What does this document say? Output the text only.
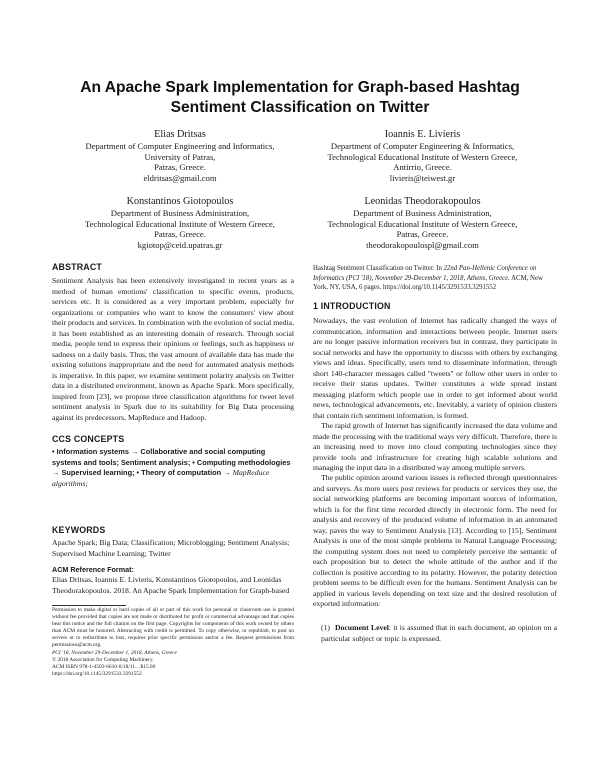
An Apache Spark Implementation for Graph-based Hashtag
Sentiment Classification on Twitter
Elias Dritsas
Department of Computer Engineering and Informatics,
University of Patras,
Patras, Greece.
eldritsas@gmail.com
Ioannis E. Livieris
Department of Computer Engineering & Informatics,
Technological Educational Institute of Western Greece,
Antirrio, Greece.
livieris@teiwest.gr
Konstantinos Giotopoulos
Department of Business Administration,
Technological Educational Institute of Western Greece,
Patras, Greece.
kgiotop@ceid.upatras.gr
Leonidas Theodorakopoulos
Department of Business Administration,
Technological Educational Institute of Western Greece,
Patras, Greece.
theodorakopoulospl@gmail.com
ABSTRACT

Sentiment Analysis has been extensively investigated in recent years as a method of human emotions' classification to specific events, products, services etc. It is considered as a very important problem, especially for organizations or companies who want to know the consumers' view about their products and services. In combination with the evolution of social media, it has been established as an interesting domain of research. Through social media, people tend to express their opinions or feelings, such as happiness or sadness on a daily basis. Thus, the vast amount of available data has made the existing solutions inappropriate and the need for automated analysis methods is imperative. In this paper, we examine sentiment polarity analysis on Twitter data in a distributed environment, known as Apache Spark. More specifically, inspired from [23], we propose three classification algorithms for tweet level sentiment analysis in Spark due to its suitability for Big Data processing against its predecessors, MapReduce and Hadoop.

CCS CONCEPTS

• Information systems → Collaborative and social computing systems and tools; Sentiment analysis; • Computing methodologies → Supervised learning; • Theory of computation → MapReduce algorithms;

KEYWORDS

Apache Spark; Big Data; Classification; Microblogging; Sentiment Analysis; Supervised Machine Learning; Twitter

ACM Reference Format:

Elias Dritsas, Ioannis E. Livieris, Konstantinos Giotopoulos, and Leonidas Theodorakopoulos. 2018. An Apache Spark Implementation for Graph-based

Permission to make digital or hard copies of all or part of this work for personal or classroom use is granted without fee provided that copies are not made or distributed for profit or commercial advantage and that copies bear this notice and the full citation on the first page. Copyrights for components of this work owned by others than ACM must be honored. Abstracting with credit is permitted. To copy otherwise, or republish, to post on servers or to redistribute to lists, requires prior specific permission and/or a fee. Request permissions from permissions@acm.org.
PCI '18, November 29-December 1, 2018, Athens, Greece
© 2018 Association for Computing Machinery.
ACM ISBN 978-1-4503-6610-6/18/11…$15.00
https://doi.org/10.1145/3291533.3291552

Hashtag Sentiment Classification on Twitter. In 22nd Pan-Hellenic Conference on Informatics (PCI '18), November 29-December 1, 2018, Athens, Greece. ACM, New York, NY, USA, 6 pages. https://doi.org/10.1145/3291533.3291552

1 INTRODUCTION

Nowadays, the vast evolution of Internet has radically changed the ways of communication, information and interactions between people. Internet users are no longer passive information receivers but in contrast, they participate in social networks and have the opportunity to discuss with others by exchanging views and ideas. Specifically, users tend to disseminate information, through short 140-character messages called "tweets" or follow other users in order to receive their status updates. Twitter constitutes a wide spread instant messaging platform which people use in order to get informed about world news, technological advancements, etc. Inevitably, a variety of opinion clusters that contain rich sentiment information, is formed.

The rapid growth of Internet has significantly increased the data volume and made the processing with the traditional ways very difficult. Therefore, there is an increasing need to move into cloud computing technologies since they provide tools and infrastructure for creating high scalable solutions and managing the input data in a distributed way among multiple servers.

The public opinion around various issues is reflected through questionnaires and surveys. As more users post reviews for products or services they use, the social networking platforms are becoming important sources of information, which is for the first time recorded directly in electronic form. The need for analysis and recovery of the produced volume of information in an automated way, paves the way to Sentiment Analysis [13]. According to [15], Sentiment Analysis is one of the most simple problems in Natural Language Processing; the computing system does not need to completely perceive the semantic of each proposition but to detect the whole attitude of the author and if the collection is positive according to its polarity. However, the polarity detection problem seems to be difficult even for the humans. Sentiment Analysis can be applied in various levels depending on text size and the desired resolution of exported information:

(1) Document Level: it is assumed that in each document, an opinion on a particular subject or topic is expressed.
